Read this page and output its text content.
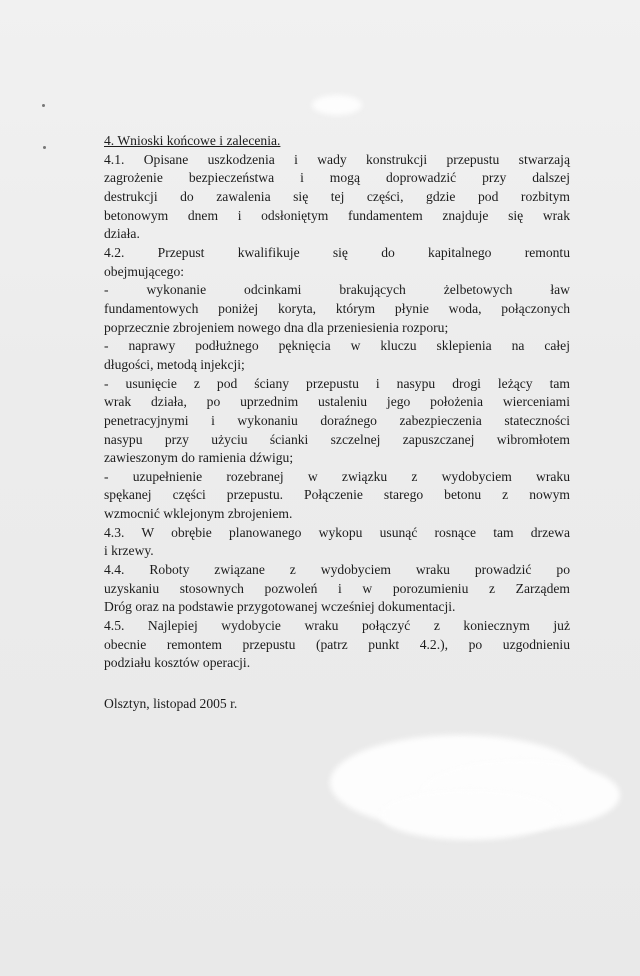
4. Wnioski końcowe i zalecenia.
4.1. Opisane uszkodzenia i wady konstrukcji przepustu stwarzają
zagrożenie bezpieczeństwa i mogą doprowadzić przy dalszej
destrukcji do zawalenia się tej części, gdzie pod rozbitym
betonowym dnem i odsłoniętym fundamentem znajduje się wrak
działa.
4.2. Przepust kwalifikuje się do kapitalnego remontu
obejmującego:
- wykonanie odcinkami brakujących żelbetowych ław
fundamentowych poniżej koryta, którym płynie woda, połączonych
poprzecznie zbrojeniem nowego dna dla przeniesienia rozporu;
- naprawy podłużnego pęknięcia w kluczu sklepienia na całej
długości, metodą injekcji;
- usunięcie z pod ściany przepustu i nasypu drogi leżący tam
wrak działa, po uprzednim ustaleniu jego położenia wierceniami
penetracyjnymi i wykonaniu doraźnego zabezpieczenia stateczności
nasypu przy użyciu ścianki szczelnej zapuszczanej wibromłotem
zawieszonym do ramienia dźwigu;
- uzupełnienie rozebranej w związku z wydobyciem wraku
spękanej części przepustu. Połączenie starego betonu z nowym
wzmocnić wklejonym zbrojeniem.
4.3. W obrębie planowanego wykopu usunąć rosnące tam drzewa
i krzewy.
4.4. Roboty związane z wydobyciem wraku prowadzić po
uzyskaniu stosownych pozwoleń i w porozumieniu z Zarządem
Dróg oraz na podstawie przygotowanej wcześniej dokumentacji.
4.5. Najlepiej wydobycie wraku połączyć z koniecznym już
obecnie remontem przepustu (patrz punkt 4.2.), po uzgodnieniu
podziału kosztów operacji.
Olsztyn, listopad 2005 r.
